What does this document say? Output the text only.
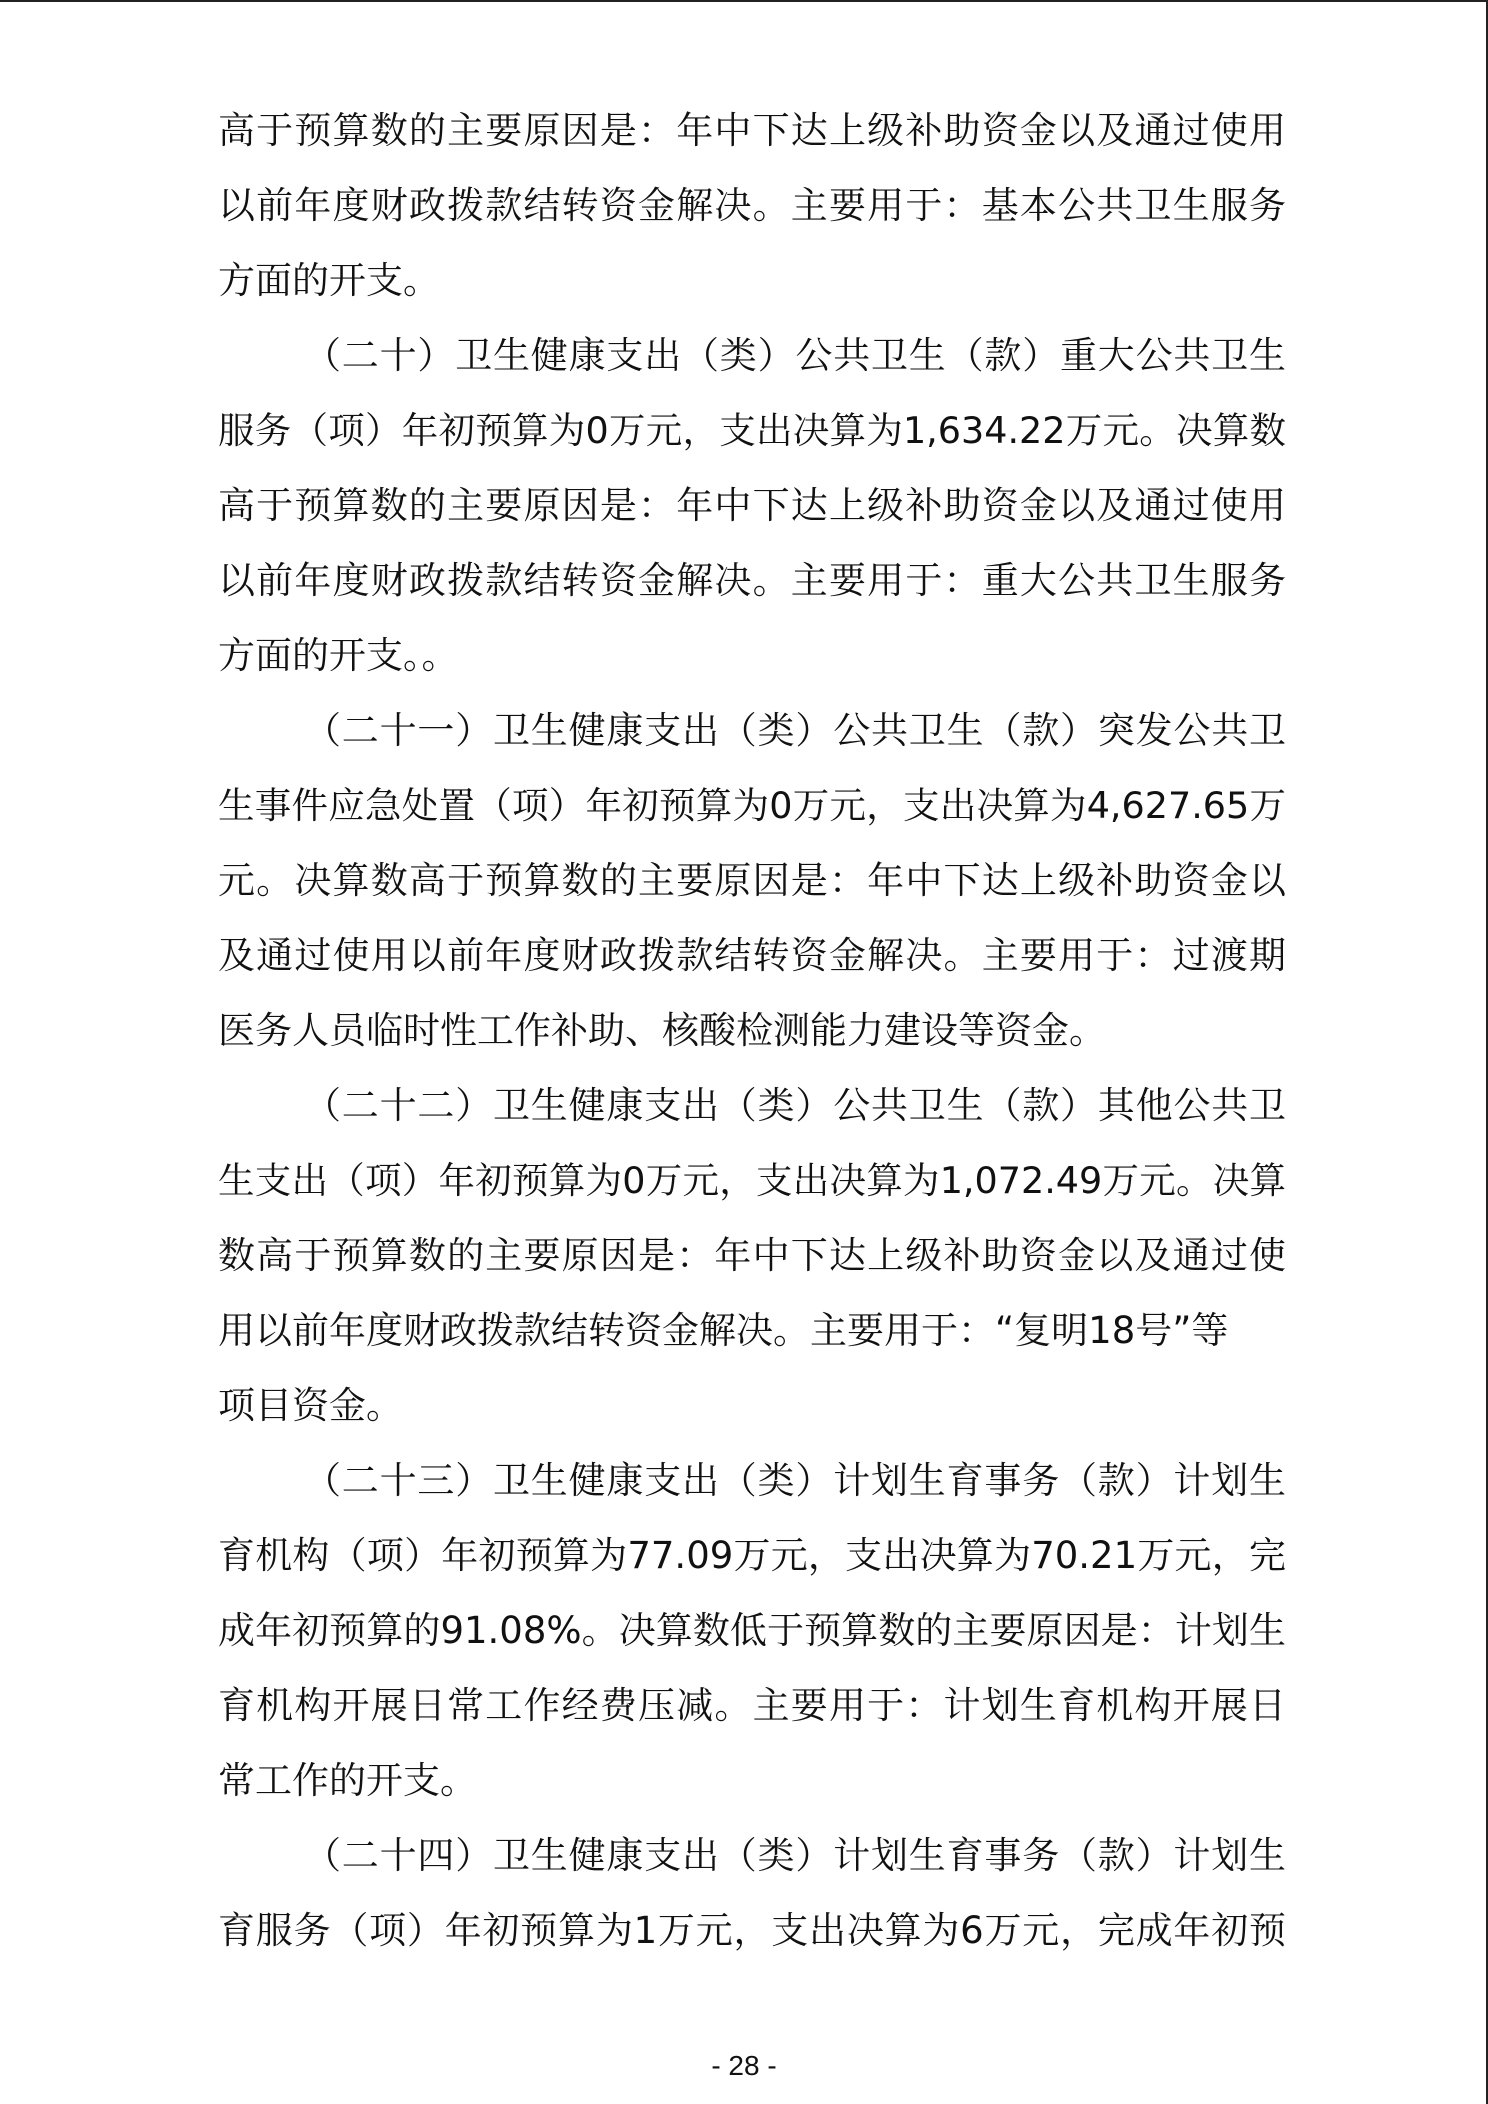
高于预算数的主要原因是：年中下达上级补助资金以及通过使用
以前年度财政拨款结转资金解决。主要用于：基本公共卫生服务
方面的开支。
（二十）卫生健康支出（类）公共卫生（款）重大公共卫生
服务（项）年初预算为0万元，支出决算为1,634.22万元。决算数
高于预算数的主要原因是：年中下达上级补助资金以及通过使用
以前年度财政拨款结转资金解决。主要用于：重大公共卫生服务
方面的开支。。
（二十一）卫生健康支出（类）公共卫生（款）突发公共卫
生事件应急处置（项）年初预算为0万元，支出决算为4,627.65万
元。决算数高于预算数的主要原因是：年中下达上级补助资金以
及通过使用以前年度财政拨款结转资金解决。主要用于：过渡期
医务人员临时性工作补助、核酸检测能力建设等资金。
（二十二）卫生健康支出（类）公共卫生（款）其他公共卫
生支出（项）年初预算为0万元，支出决算为1,072.49万元。决算
数高于预算数的主要原因是：年中下达上级补助资金以及通过使
用以前年度财政拨款结转资金解决。主要用于：“复明18号”等
项目资金。
（二十三）卫生健康支出（类）计划生育事务（款）计划生
育机构（项）年初预算为77.09万元，支出决算为70.21万元，完
成年初预算的91.08%。决算数低于预算数的主要原因是：计划生
育机构开展日常工作经费压减。主要用于：计划生育机构开展日
常工作的开支。
（二十四）卫生健康支出（类）计划生育事务（款）计划生
育服务（项）年初预算为1万元，支出决算为6万元，完成年初预
- 28 -
